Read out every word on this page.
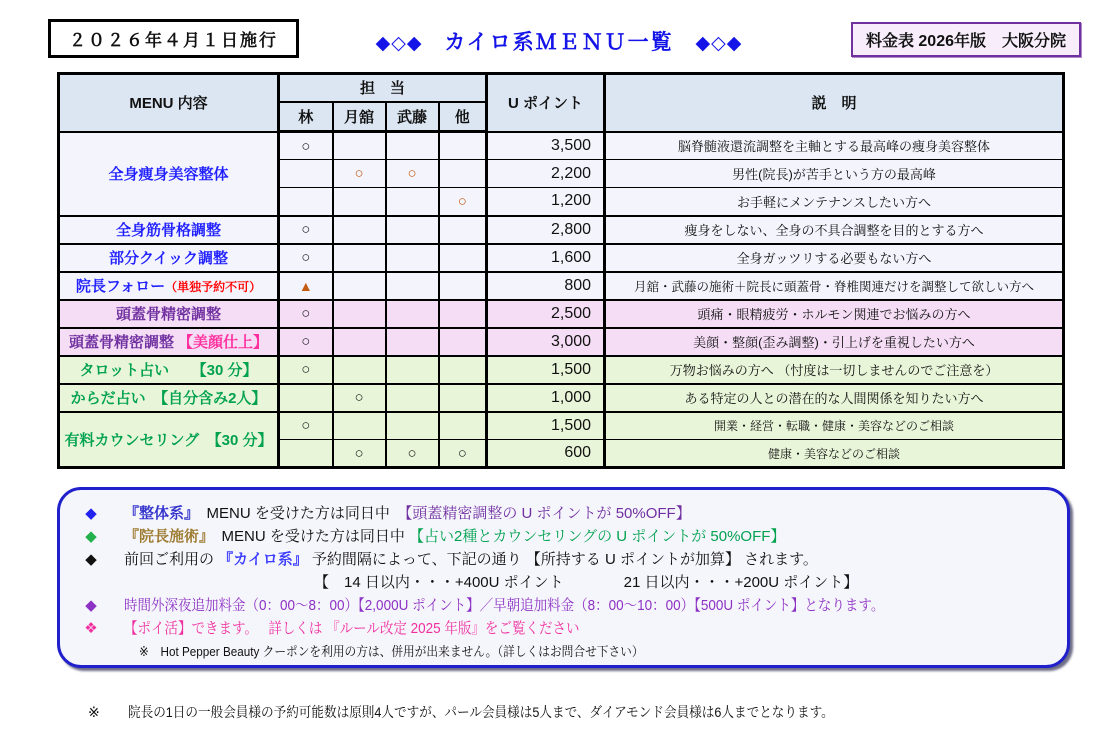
２０２６年４月１日施行	◆◇◆ カイロ系ＭＥＮＵ一覧 ◆◇◆	料金表 2026年版　大阪分院
MENU 内容	担　当				U ポイント	説　明
	林	月舘	武藤	他		
全身痩身美容整体	○				3,500	脳脊髄液還流調整を主軸とする最高峰の痩身美容整体
		○	○		2,200	男性(院長)が苦手という方の最高峰
				○	1,200	お手軽にメンテナンスしたい方へ
全身筋骨格調整	○				2,800	痩身をしない、全身の不具合調整を目的とする方へ
部分クイック調整	○				1,600	全身ガッツリする必要もない方へ
院長フォロー（単独予約不可）	▲				800	月舘・武藤の施術＋院長に頭蓋骨・脊椎関連だけを調整して欲しい方へ
頭蓋骨精密調整	○				2,500	頭痛・眼精疲労・ホルモン関連でお悩みの方へ
頭蓋骨精密調整 【美顔仕上】	○				3,000	美顔・整顔(歪み調整)・引上げを重視したい方へ
タロット占い　　【30 分】	○				1,500	万物お悩みの方へ （忖度は一切しませんのでご注意を）
からだ占い　【自分含み2人】		○			1,000	ある特定の人との潜在的な人間関係を知りたい方へ
有料カウンセリング　【30 分】	○				1,500	開業・経営・転職・健康・美容などのご相談
		○	○	○	600	健康・美容などのご相談
◆	『整体系』　MENU を受けた方は同日中　【頭蓋精密調整の U ポイントが 50%OFF】
◆	『院長施術』　MENU を受けた方は同日中 【占い2種とカウンセリングの U ポイントが 50%OFF】
◆	前回ご利用の 『カイロ系』 予約間隔によって、下記の通り 【所持する U ポイントが加算】 されます。
【　14 日以内・・・+400U ポイント　　　　21 日以内・・・+200U ポイント】
◆	時間外深夜追加料金（0：00～8：00）【2,000U ポイント】／早朝追加料金（8：00～10：00）【500U ポイント】となります。
❖	【ポイ活】できます。　 詳しくは 『ルール改定 2025 年版』をご覧ください
※　Hot Pepper Beauty クーポンを利用の方は、併用が出来ません。（詳しくはお問合せ下さい）
※ 院長の1日の一般会員様の予約可能数は原則4人ですが、パール会員様は5人まで、ダイアモンド会員様は6人までとなります。
